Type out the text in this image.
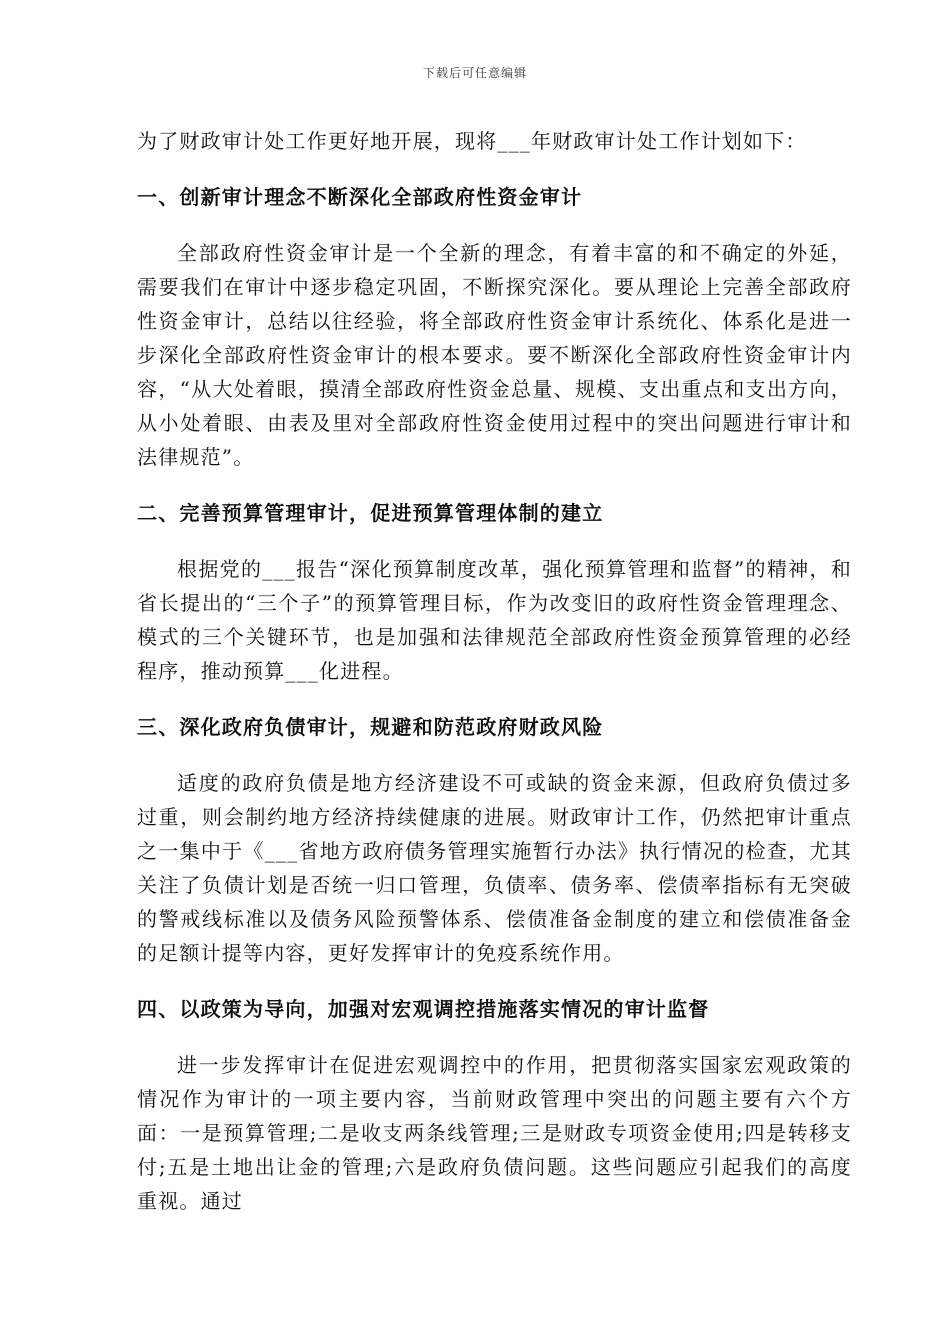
下载后可任意编辑

为了财政审计处工作更好地开展，现将___年财政审计处工作计划如下：

一、创新审计理念不断深化全部政府性资金审计

全部政府性资金审计是一个全新的理念，有着丰富的和不确定的外延，需要我们在审计中逐步稳定巩固，不断探究深化。要从理论上完善全部政府性资金审计，总结以往经验，将全部政府性资金审计系统化、体系化是进一步深化全部政府性资金审计的根本要求。要不断深化全部政府性资金审计内容，“从大处着眼，摸清全部政府性资金总量、规模、支出重点和支出方向，从小处着眼、由表及里对全部政府性资金使用过程中的突出问题进行审计和法律规范”。

二、完善预算管理审计，促进预算管理体制的建立

根据党的___报告“深化预算制度改革，强化预算管理和监督”的精神，和省长提出的“三个子”的预算管理目标，作为改变旧的政府性资金管理理念、模式的三个关键环节，也是加强和法律规范全部政府性资金预算管理的必经程序，推动预算___化进程。

三、深化政府负债审计，规避和防范政府财政风险

适度的政府负债是地方经济建设不可或缺的资金来源，但政府负债过多过重，则会制约地方经济持续健康的进展。财政审计工作，仍然把审计重点之一集中于《___省地方政府债务管理实施暂行办法》执行情况的检查，尤其关注了负债计划是否统一归口管理，负债率、债务率、偿债率指标有无突破的警戒线标准以及债务风险预警体系、偿债准备金制度的建立和偿债准备金的足额计提等内容，更好发挥审计的免疫系统作用。

四、以政策为导向，加强对宏观调控措施落实情况的审计监督

进一步发挥审计在促进宏观调控中的作用，把贯彻落实国家宏观政策的情况作为审计的一项主要内容，当前财政管理中突出的问题主要有六个方面：一是预算管理;二是收支两条线管理;三是财政专项资金使用;四是转移支付;五是土地出让金的管理;六是政府负债问题。这些问题应引起我们的高度重视。通过
